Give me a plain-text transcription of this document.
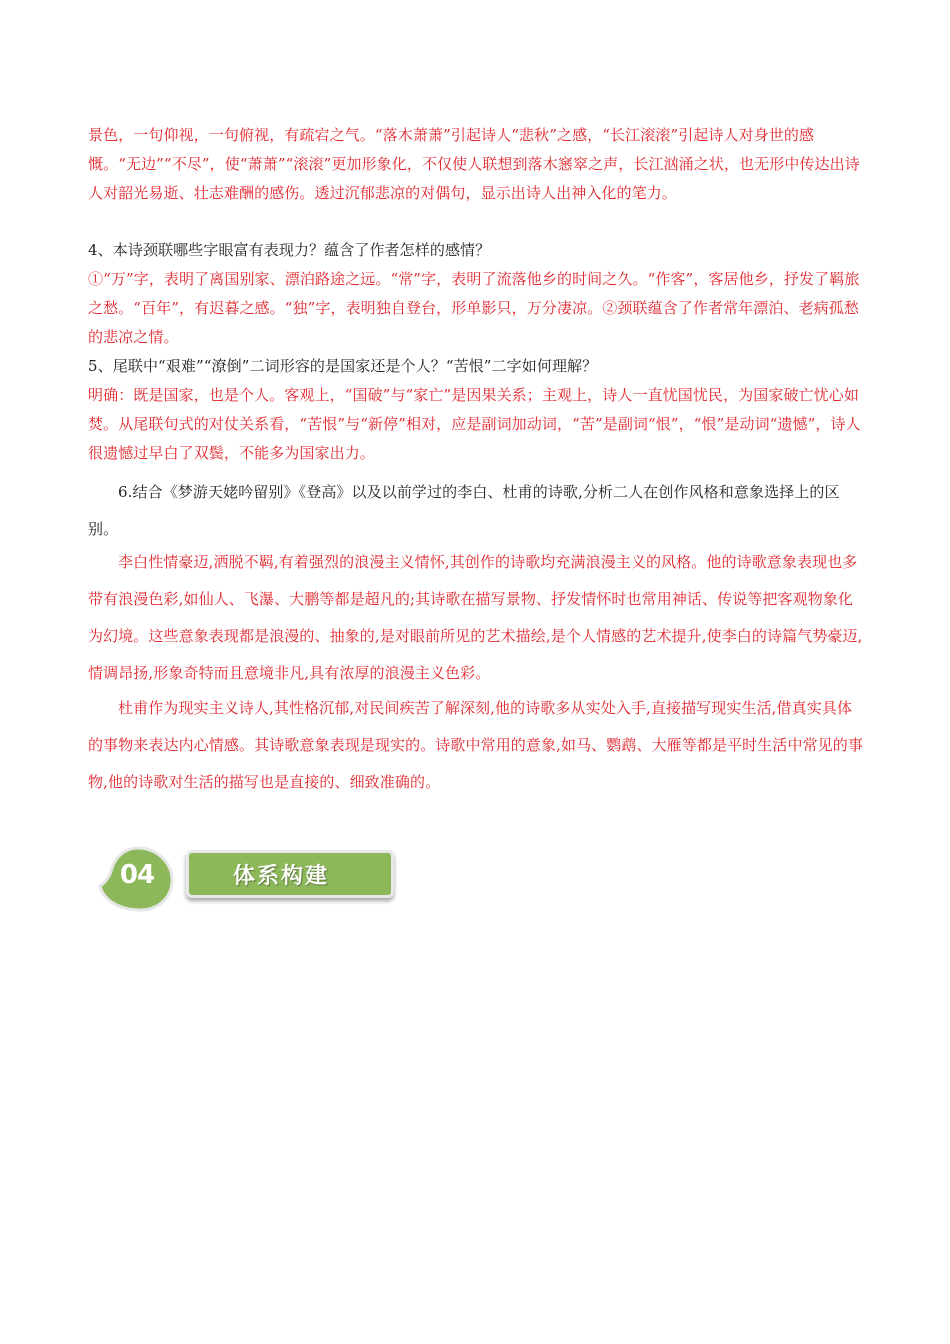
景色，一句仰视，一句俯视，有疏宕之气。“落木萧萧”引起诗人“悲秋”之感，“长江滚滚”引起诗人对身世的感慨。“无边”“不尽”，使“萧萧”“滚滚”更加形象化，不仅使人联想到落木窸窣之声，长江汹涌之状，也无形中传达出诗人对韶光易逝、壮志难酬的感伤。透过沉郁悲凉的对偶句，显示出诗人出神入化的笔力。

4、本诗颈联哪些字眼富有表现力？蕴含了作者怎样的感情？

①“万”字，表明了离国别家、漂泊路途之远。“常”字，表明了流落他乡的时间之久。“作客”，客居他乡，抒发了羁旅之愁。“百年”，有迟暮之感。“独”字，表明独自登台，形单影只，万分凄凉。②颈联蕴含了作者常年漂泊、老病孤愁的悲凉之情。

5、尾联中“艰难”“潦倒”二词形容的是国家还是个人？“苦恨”二字如何理解？

明确：既是国家，也是个人。客观上，“国破”与“家亡”是因果关系；主观上，诗人一直忧国忧民，为国家破亡忧心如焚。从尾联句式的对仗关系看，“苦恨”与“新停”相对，应是副词加动词，“苦”是副词“恨”，“恨”是动词“遗憾”，诗人很遗憾过早白了双鬓，不能多为国家出力。

6.结合《梦游天姥吟留别》《登高》以及以前学过的李白、杜甫的诗歌,分析二人在创作风格和意象选择上的区别。

李白性情豪迈,洒脱不羁,有着强烈的浪漫主义情怀,其创作的诗歌均充满浪漫主义的风格。他的诗歌意象表现也多带有浪漫色彩,如仙人、飞瀑、大鹏等都是超凡的;其诗歌在描写景物、抒发情怀时也常用神话、传说等把客观物象化为幻境。这些意象表现都是浪漫的、抽象的,是对眼前所见的艺术描绘,是个人情感的艺术提升,使李白的诗篇气势豪迈,情调昂扬,形象奇特而且意境非凡,具有浓厚的浪漫主义色彩。

杜甫作为现实主义诗人,其性格沉郁,对民间疾苦了解深刻,他的诗歌多从实处入手,直接描写现实生活,借真实具体的事物来表达内心情感。其诗歌意象表现是现实的。诗歌中常用的意象,如马、鹦鹉、大雁等都是平时生活中常见的事物,他的诗歌对生活的描写也是直接的、细致准确的。

04	体系构建
